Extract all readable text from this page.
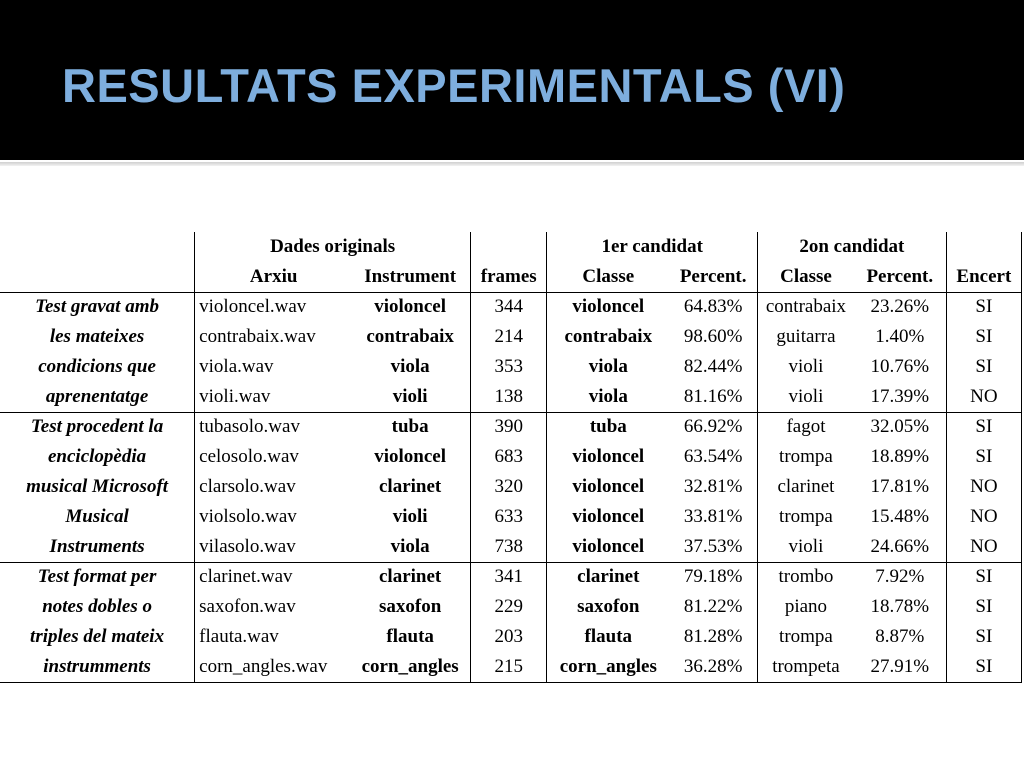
RESULTATS EXPERIMENTALS (VI)
	Dades originals			1er candidat		2on candidat		
	Arxiu	Instrument	frames	Classe	Percent.	Classe	Percent.	Encert
Test gravat amb	violoncel.wav	violoncel	344	violoncel	64.83%	contrabaix	23.26%	SI
les mateixes	contrabaix.wav	contrabaix	214	contrabaix	98.60%	guitarra	1.40%	SI
condicions que	viola.wav	viola	353	viola	82.44%	violi	10.76%	SI
aprenentatge	violi.wav	violi	138	viola	81.16%	violi	17.39%	NO
Test procedent la	tubasolo.wav	tuba	390	tuba	66.92%	fagot	32.05%	SI
enciclopèdia	celosolo.wav	violoncel	683	violoncel	63.54%	trompa	18.89%	SI
musical Microsoft	clarsolo.wav	clarinet	320	violoncel	32.81%	clarinet	17.81%	NO
Musical	violsolo.wav	violi	633	violoncel	33.81%	trompa	15.48%	NO
Instruments	vilasolo.wav	viola	738	violoncel	37.53%	violi	24.66%	NO
Test format per	clarinet.wav	clarinet	341	clarinet	79.18%	trombo	7.92%	SI
notes dobles o	saxofon.wav	saxofon	229	saxofon	81.22%	piano	18.78%	SI
triples del mateix	flauta.wav	flauta	203	flauta	81.28%	trompa	8.87%	SI
instrumments	corn_angles.wav	corn_angles	215	corn_angles	36.28%	trompeta	27.91%	SI
